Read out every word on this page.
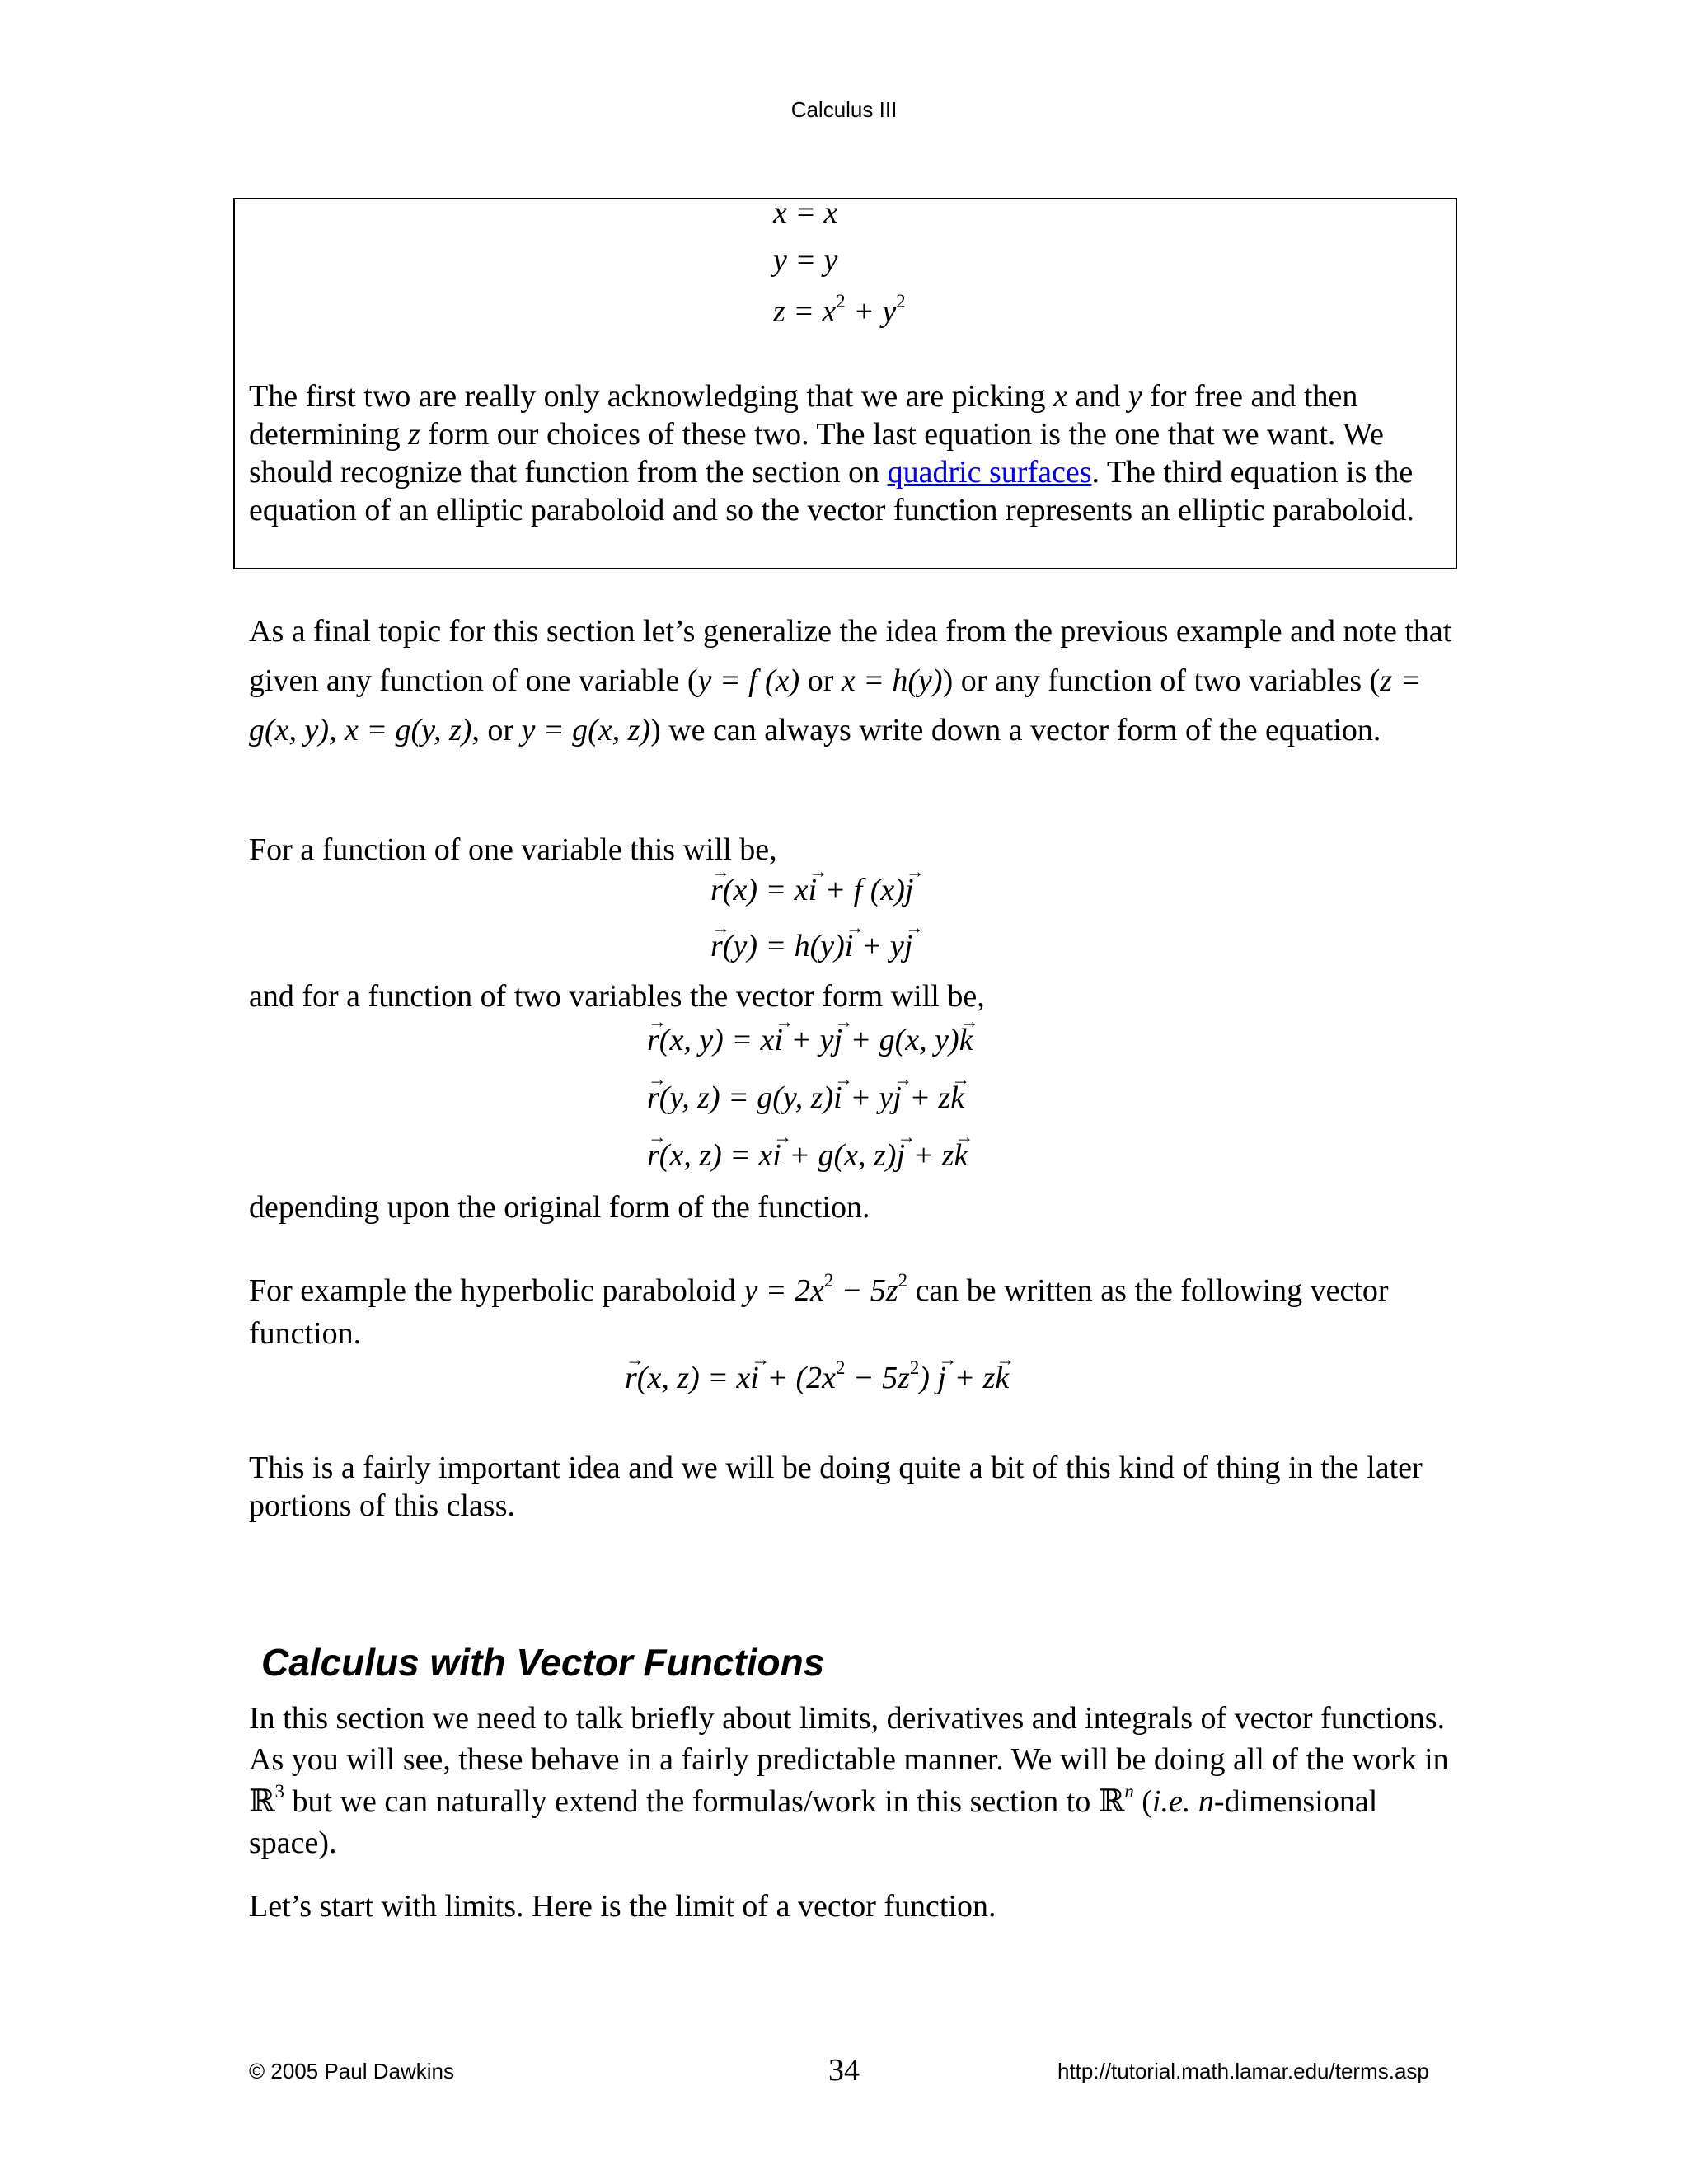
Calculus III
x = x
y = y
$z = x^2 + y^2$

The first two are really only acknowledging that we are picking x and y for free and then determining z form our choices of these two. The last equation is the one that we want. We should recognize that function from the section on quadric surfaces. The third equation is the equation of an elliptic paraboloid and so the vector function represents an elliptic paraboloid.

As a final topic for this section let’s generalize the idea from the previous example and note that given any function of one variable (y = f (x) or x = h(y)) or any function of two variables (z = g(x, y), x = g(y, z), or y = g(x, z)) we can always write down a vector form of the equation.

For a function of one variable this will be,
→ r(x) = x→ i + f (x)→ j
→ r(y) = h(y)→ i + y→ j
and for a function of two variables the vector form will be,
→ r(x, y) = x→ i + y→ j + g(x, y)→ k
→ r(y, z) = g(y, z)→ i + y→ j + z→ k
→ r(x, z) = x→ i + g(x, z)→ j + z→ k
depending upon the original form of the function.

For example the hyperbolic paraboloid $y = 2x^2 - 5z^2$ can be written as the following vector function.

→ r(x, $z) = x\to i + (2x^2 - 5z^2) \to j + z\to k$
This is a fairly important idea and we will be doing quite a bit of this kind of thing in the later portions of this class.
Calculus with Vector Functions

In this section we need to talk briefly about limits, derivatives and integrals of vector functions. As you will see, these behave in a fairly predictable manner. We will be doing all of the work in ℝ$^3$ but we can naturally extend the formulas/work in this section to ℝ$^n$ (i.e. n-dimensional space).

Let’s start with limits. Here is the limit of a vector function.
© 2005 Paul Dawkins	34	http://tutorial.math.lamar.edu/terms.asp
